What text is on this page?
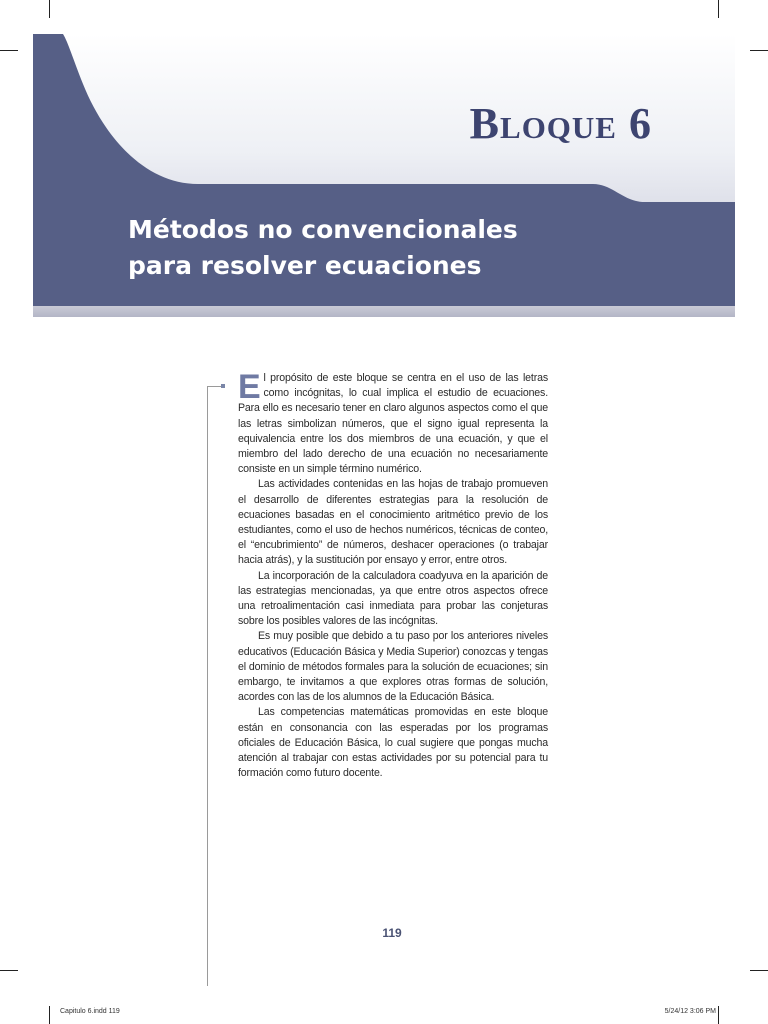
Bloque 6
Métodos no convencionales
para resolver ecuaciones

El propósito de este bloque se centra en el uso de las letras como incógnitas, lo cual implica el estudio de ecuaciones. Para ello es necesario tener en claro algunos aspectos como el que las letras simbolizan números, que el signo igual representa la equivalencia entre los dos miembros de una ecuación, y que el miembro del lado derecho de una ecuación no necesariamente consiste en un simple término numérico.

Las actividades contenidas en las hojas de trabajo promueven el desarrollo de diferentes estrategias para la resolución de ecuaciones basadas en el conocimiento aritmético previo de los estudiantes, como el uso de hechos numéricos, técnicas de conteo, el “encubrimiento” de números, deshacer operaciones (o trabajar hacia atrás), y la sustitución por ensayo y error, entre otros.

La incorporación de la calculadora coadyuva en la aparición de las estrategias mencionadas, ya que entre otros aspectos ofrece una retroalimentación casi inmediata para probar las conjeturas sobre los posibles valores de las incógnitas.

Es muy posible que debido a tu paso por los anteriores niveles educativos (Educación Básica y Media Superior) conozcas y tengas el dominio de métodos formales para la solución de ecuaciones; sin embargo, te invitamos a que explores otras formas de solución, acordes con las de los alumnos de la Educación Básica.

Las competencias matemáticas promovidas en este bloque están en consonancia con las esperadas por los programas oficiales de Educación Básica, lo cual sugiere que pongas mucha atención al trabajar con estas actividades por su potencial para tu formación como futuro docente.

119
Capitulo 6.indd 119	5/24/12 3:06 PM
